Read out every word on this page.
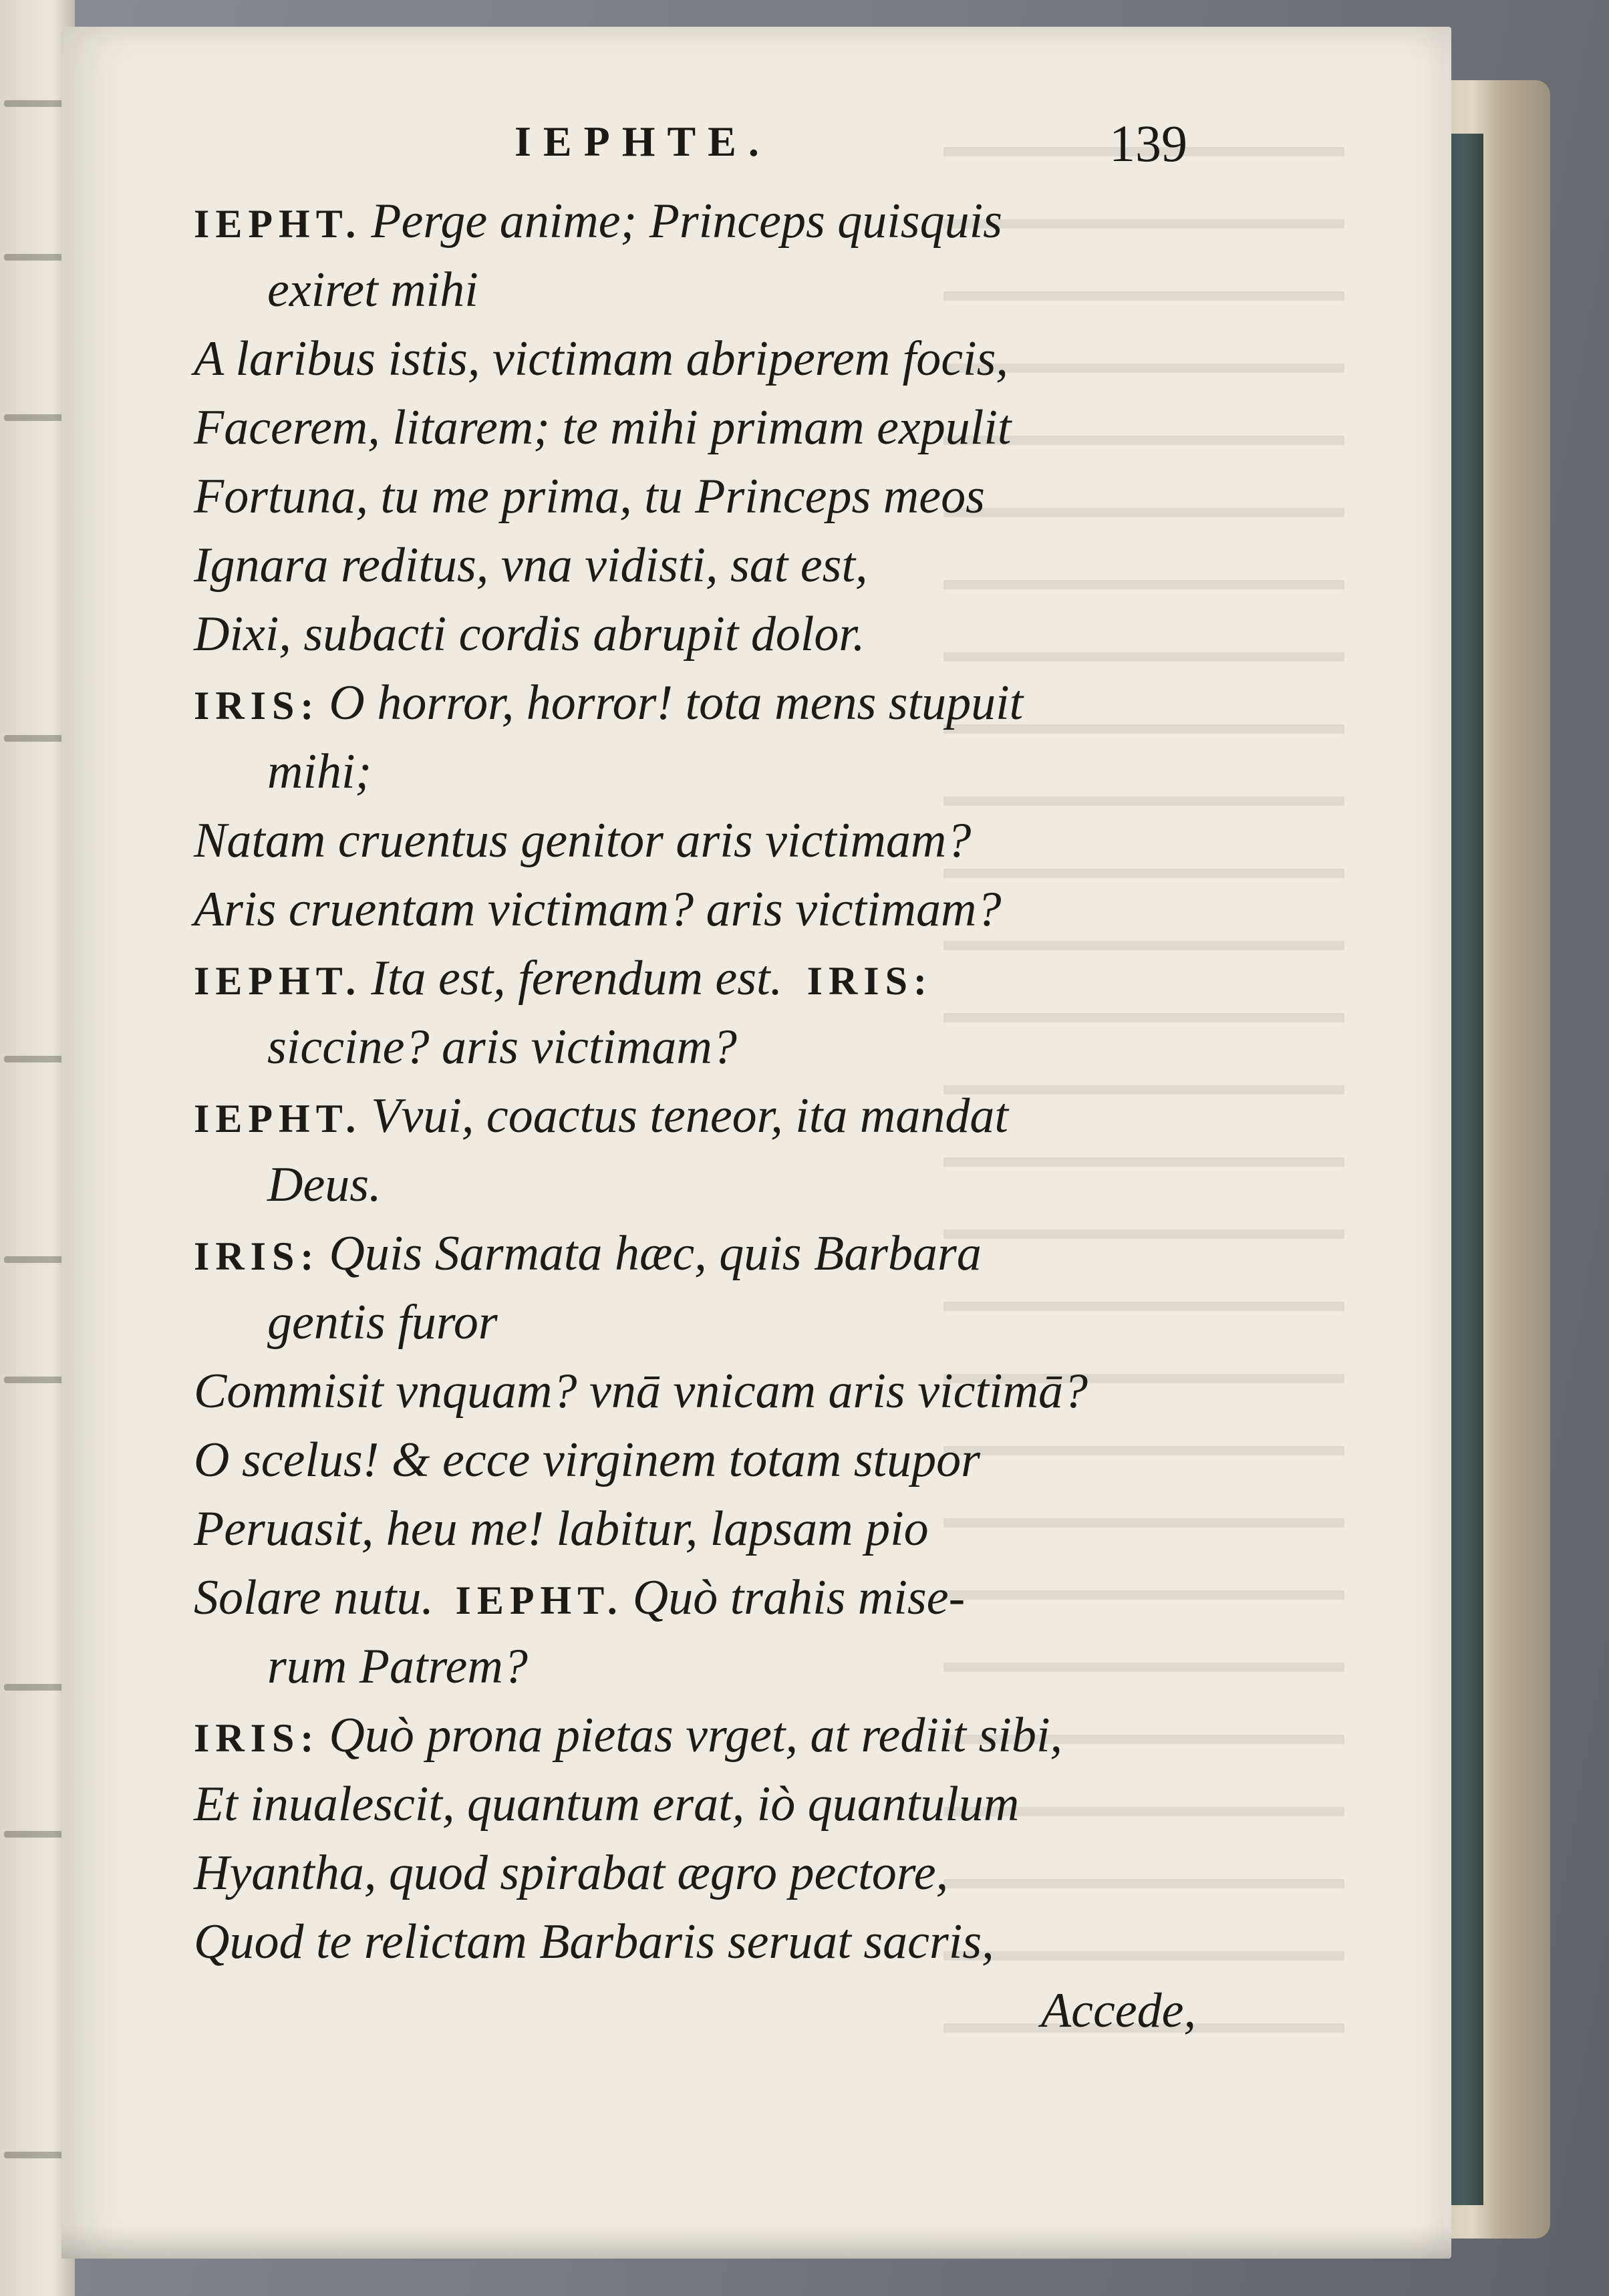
IEPHTE.	139
IEPHT. Perge anime; Princeps quisquis
exiret mihi
A laribus istis, victimam abriperem focis,
Facerem, litarem; te mihi primam expulit
Fortuna, tu me prima, tu Princeps meos
Ignara reditus, vna vidisti, sat est,
Dixi, subacti cordis abrupit dolor.
IRIS: O horror, horror! tota mens stupuit
mihi;
Natam cruentus genitor aris victimam?
Aris cruentam victimam? aris victimam?
IEPHT. Ita est, ferendum est. IRIS:
siccine? aris victimam?
IEPHT. Vvui, coactus teneor, ita mandat
Deus.
IRIS: Quis Sarmata hæc, quis Barbara
gentis furor
Commisit vnquam? vnā vnicam aris victimā?
O scelus! & ecce virginem totam stupor
Peruasit, heu me! labitur, lapsam pio
Solare nutu. IEPHT. Quò trahis mise-
rum Patrem?
IRIS: Quò prona pietas vrget, at rediit sibi,
Et inualescit, quantum erat, iò quantulum
Hyantha, quod spirabat ægro pectore,
Quod te relictam Barbaris seruat sacris,
Accede,
